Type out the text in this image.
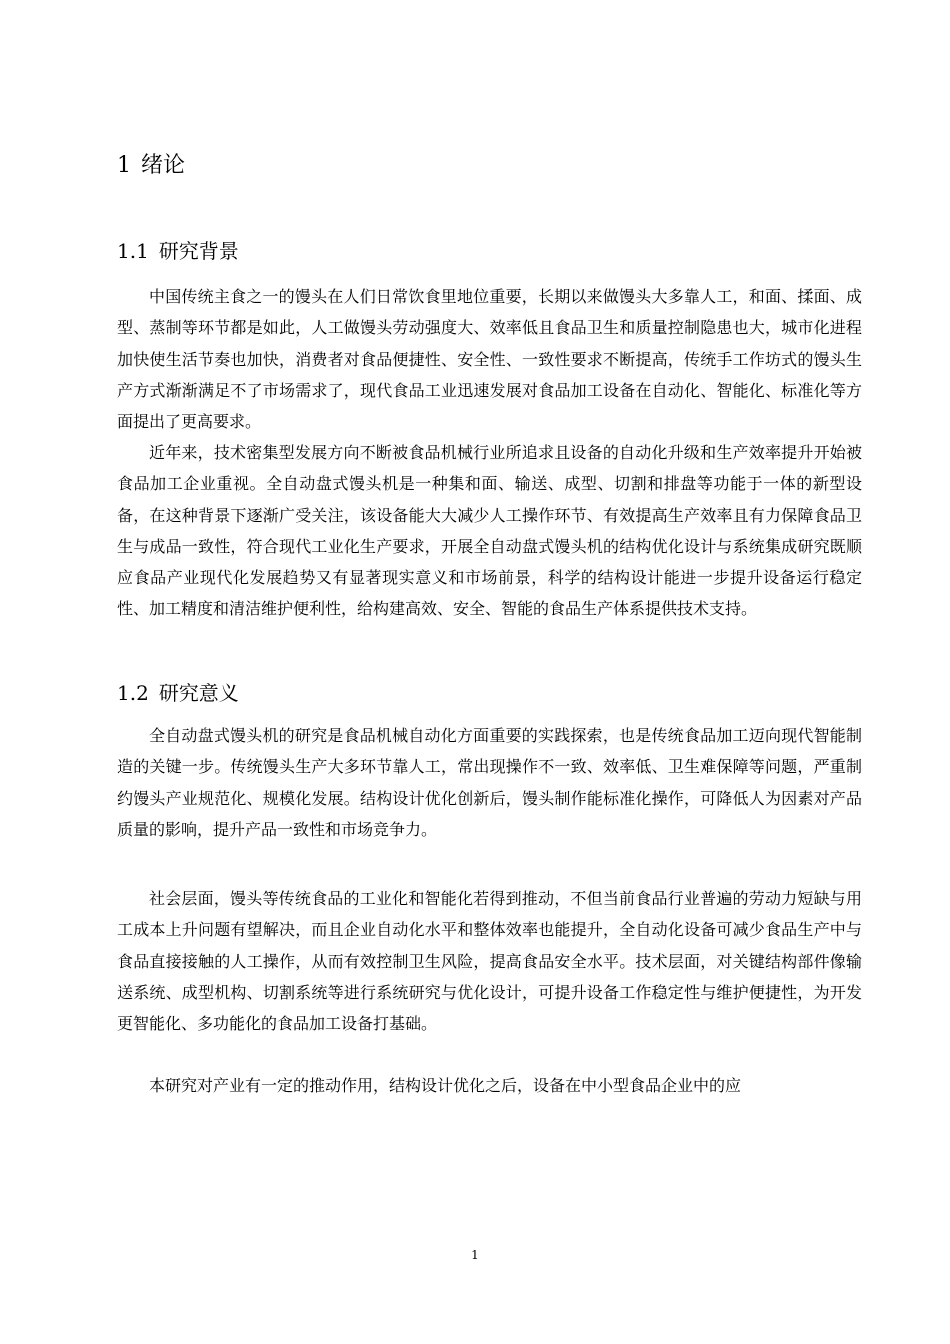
1 绪论
1.1 研究背景

中国传统主食之一的馒头在人们日常饮食里地位重要，长期以来做馒头大多靠人工，和面、揉面、成型、蒸制等环节都是如此，人工做馒头劳动强度大、效率低且食品卫生和质量控制隐患也大，城市化进程加快使生活节奏也加快，消费者对食品便捷性、安全性、一致性要求不断提高，传统手工作坊式的馒头生产方式渐渐满足不了市场需求了，现代食品工业迅速发展对食品加工设备在自动化、智能化、标准化等方面提出了更高要求。

近年来，技术密集型发展方向不断被食品机械行业所追求且设备的自动化升级和生产效率提升开始被食品加工企业重视。全自动盘式馒头机是一种集和面、输送、成型、切割和排盘等功能于一体的新型设备，在这种背景下逐渐广受关注，该设备能大大减少人工操作环节、有效提高生产效率且有力保障食品卫生与成品一致性，符合现代工业化生产要求，开展全自动盘式馒头机的结构优化设计与系统集成研究既顺应食品产业现代化发展趋势又有显著现实意义和市场前景，科学的结构设计能进一步提升设备运行稳定性、加工精度和清洁维护便利性，给构建高效、安全、智能的食品生产体系提供技术支持。

1.2 研究意义

全自动盘式馒头机的研究是食品机械自动化方面重要的实践探索，也是传统食品加工迈向现代智能制造的关键一步。传统馒头生产大多环节靠人工，常出现操作不一致、效率低、卫生难保障等问题，严重制约馒头产业规范化、规模化发展。结构设计优化创新后，馒头制作能标准化操作，可降低人为因素对产品质量的影响，提升产品一致性和市场竞争力。

社会层面，馒头等传统食品的工业化和智能化若得到推动，不但当前食品行业普遍的劳动力短缺与用工成本上升问题有望解决，而且企业自动化水平和整体效率也能提升，全自动化设备可减少食品生产中与食品直接接触的人工操作，从而有效控制卫生风险，提高食品安全水平。技术层面，对关键结构部件像输送系统、成型机构、切割系统等进行系统研究与优化设计，可提升设备工作稳定性与维护便捷性，为开发更智能化、多功能化的食品加工设备打基础。

本研究对产业有一定的推动作用，结构设计优化之后，设备在中小型食品企业中的应

1
